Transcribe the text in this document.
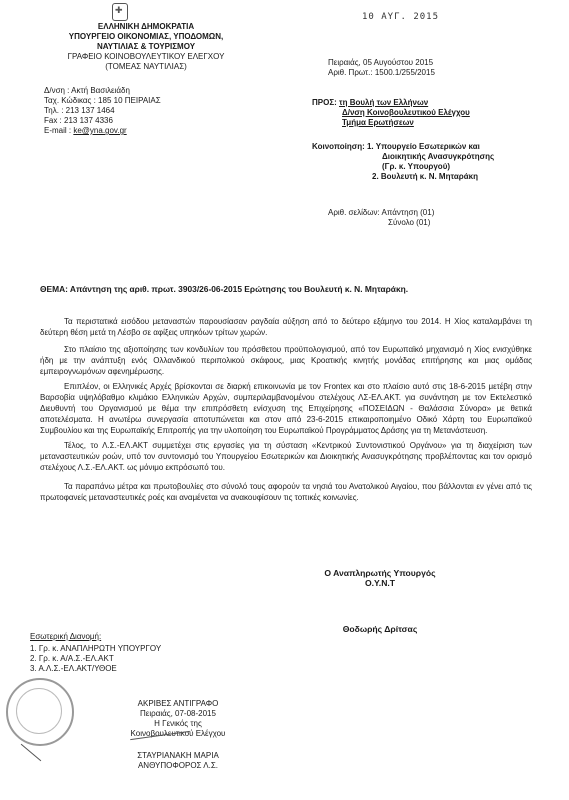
10 ΑΥΓ. 2015
✚
ΕΛΛΗΝΙΚΗ ΔΗΜΟΚΡΑΤΙΑ
ΥΠΟΥΡΓΕΙΟ ΟΙΚΟΝΟΜΙΑΣ, ΥΠΟΔΟΜΩΝ,
ΝΑΥΤΙΛΙΑΣ & ΤΟΥΡΙΣΜΟΥ
ΓΡΑΦΕΙΟ ΚΟΙΝΟΒΟΥΛΕΥΤΙΚΟΥ ΕΛΕΓΧΟΥ
(ΤΟΜΕΑΣ ΝΑΥΤΙΛΙΑΣ)
Δ/νση : Ακτή Βασιλειάδη
Ταχ. Κώδικας : 185 10 ΠΕΙΡΑΙΑΣ
Τηλ. : 213 137 1464
Fax : 213 137 4336
E-mail : ke@yna.gov.gr
Πειραιάς, 05 Αυγούστου 2015
Αριθ. Πρωτ.: 1500.1/255/2015
ΠΡΟΣ: τη Βουλή των Ελλήνων
Δ/νση Κοινοβουλευτικού Ελέγχου
Τμήμα Ερωτήσεων
Κοινοποίηση: 1. Υπουργείο Εσωτερικών και
Διοικητικής Ανασυγκρότησης
(Γρ. κ. Υπουργού)
2. Βουλευτή κ. Ν. Μηταράκη
Αριθ. σελίδων: Απάντηση (01)
Σύνολο (01)
ΘΕΜΑ: Απάντηση της αριθ. πρωτ. 3903/26-06-2015 Ερώτησης του Βουλευτή κ. Ν. Μηταράκη.

Τα περιστατικά εισόδου μεταναστών παρουσίασαν ραγδαία αύξηση από το δεύτερο εξάμηνο του 2014. Η Χίος καταλαμβάνει τη δεύτερη θέση μετά τη Λέσβο σε αφίξεις υπηκόων τρίτων χωρών.

Στο πλαίσιο της αξιοποίησης των κονδυλίων του πρόσθετου προϋπολογισμού, από τον Ευρωπαϊκό μηχανισμό η Χίος ενισχύθηκε ήδη με την ανάπτυξη ενός Ολλανδικού περιπολικού σκάφους, μιας Κροατικής κινητής μονάδας επιτήρησης και μιας ομάδας εμπειρογνωμόνων αφενημέρωσης.

Επιπλέον, οι Ελληνικές Αρχές βρίσκονται σε διαρκή επικοινωνία με τον Frontex και στο πλαίσιο αυτό στις 18-6-2015 μετέβη στην Βαρσοβία υψηλόβαθμο κλιμάκιο Ελληνικών Αρχών, συμπεριλαμβανομένου στελέχους ΛΣ-ΕΛ.ΑΚΤ. για συνάντηση με τον Εκτελεστικό Διευθυντή του Οργανισμού με θέμα την επιπρόσθετη ενίσχυση της Επιχείρησης «ΠΟΣΕΙΔΩΝ - Θαλάσσια Σύνορα» με θετικά αποτελέσματα. Η ανωτέρω συνεργασία αποτυπώνεται και στον από 23-6-2015 επικαιροποιημένο Οδικό Χάρτη του Ευρωπαϊκού Συμβουλίου και της Ευρωπαϊκής Επιτροπής για την υλοποίηση του Ευρωπαϊκού Προγράμματος Δράσης για τη Μετανάστευση.

Τέλος, το Λ.Σ.-ΕΛ.ΑΚΤ συμμετέχει στις εργασίες για τη σύσταση «Κεντρικού Συντονιστικού Οργάνου» για τη διαχείριση των μεταναστευτικών ροών, υπό τον συντονισμό του Υπουργείου Εσωτερικών και Διοικητικής Ανασυγκρότησης προβλέποντας και τον ορισμό στελέχους Λ.Σ.-ΕΛ.ΑΚΤ. ως μόνιμο εκπρόσωπό του.

Τα παραπάνω μέτρα και πρωτοβουλίες στο σύνολό τους αφορούν τα νησιά του Ανατολικού Αιγαίου, που βάλλονται εν γένει από τις πρωτοφανείς μεταναστευτικές ροές και αναμένεται να ανακουφίσουν τις τοπικές κοινωνίες.

Ο Αναπληρωτής Υπουργός
Ο.Υ.Ν.Τ
Θοδωρής Δρίτσας
Εσωτερική Διανομή:
1. Γρ. κ. ΑΝΑΠΛΗΡΩΤΗ ΥΠΟΥΡΓΟΥ
2. Γρ. κ. Α/Α.Σ.-ΕΛ.ΑΚΤ
3. Α.Λ.Σ.-ΕΛ.ΑΚΤ/ΥΘΟΕ
ΑΚΡΙΒΕΣ ΑΝΤΙΓΡΑΦΟ
Πειραιάς, 07-08-2015
Η Γενικός της
Κοινοβουλευτικού Ελέγχου
ΣΤΑΥΡΙΑΝΑΚΗ ΜΑΡΙΑ
ΑΝΘΥΠΟΦΟΡΟΣ Λ.Σ.
